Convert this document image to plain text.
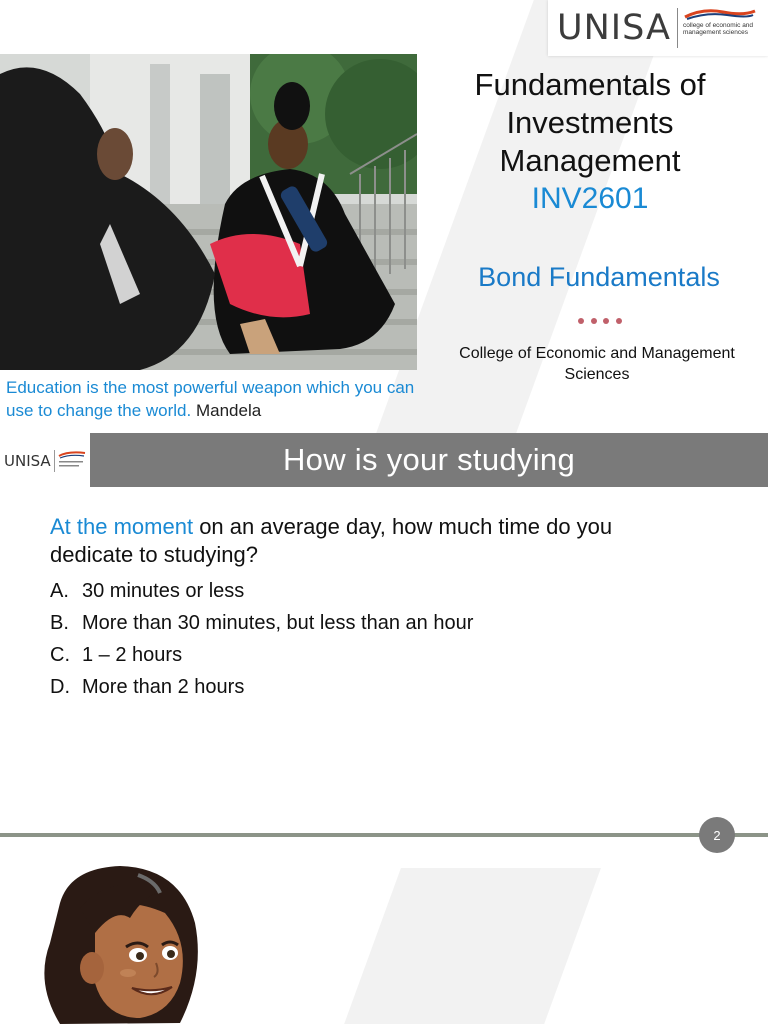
UNISA college of economic and management sciences

Education is the most powerful weapon which you can use to change the world. Mandela

Fundamentals of
Investments
Management
INV2601
Bond Fundamentals
College of Economic and Management Sciences
UNISA	How is your studying

At the moment on an average day, how much time do you dedicate to studying?

A. 30 minutes or less
B. More than 30 minutes, but less than an hour
C. 1 – 2 hours
D. More than 2 hours
2
